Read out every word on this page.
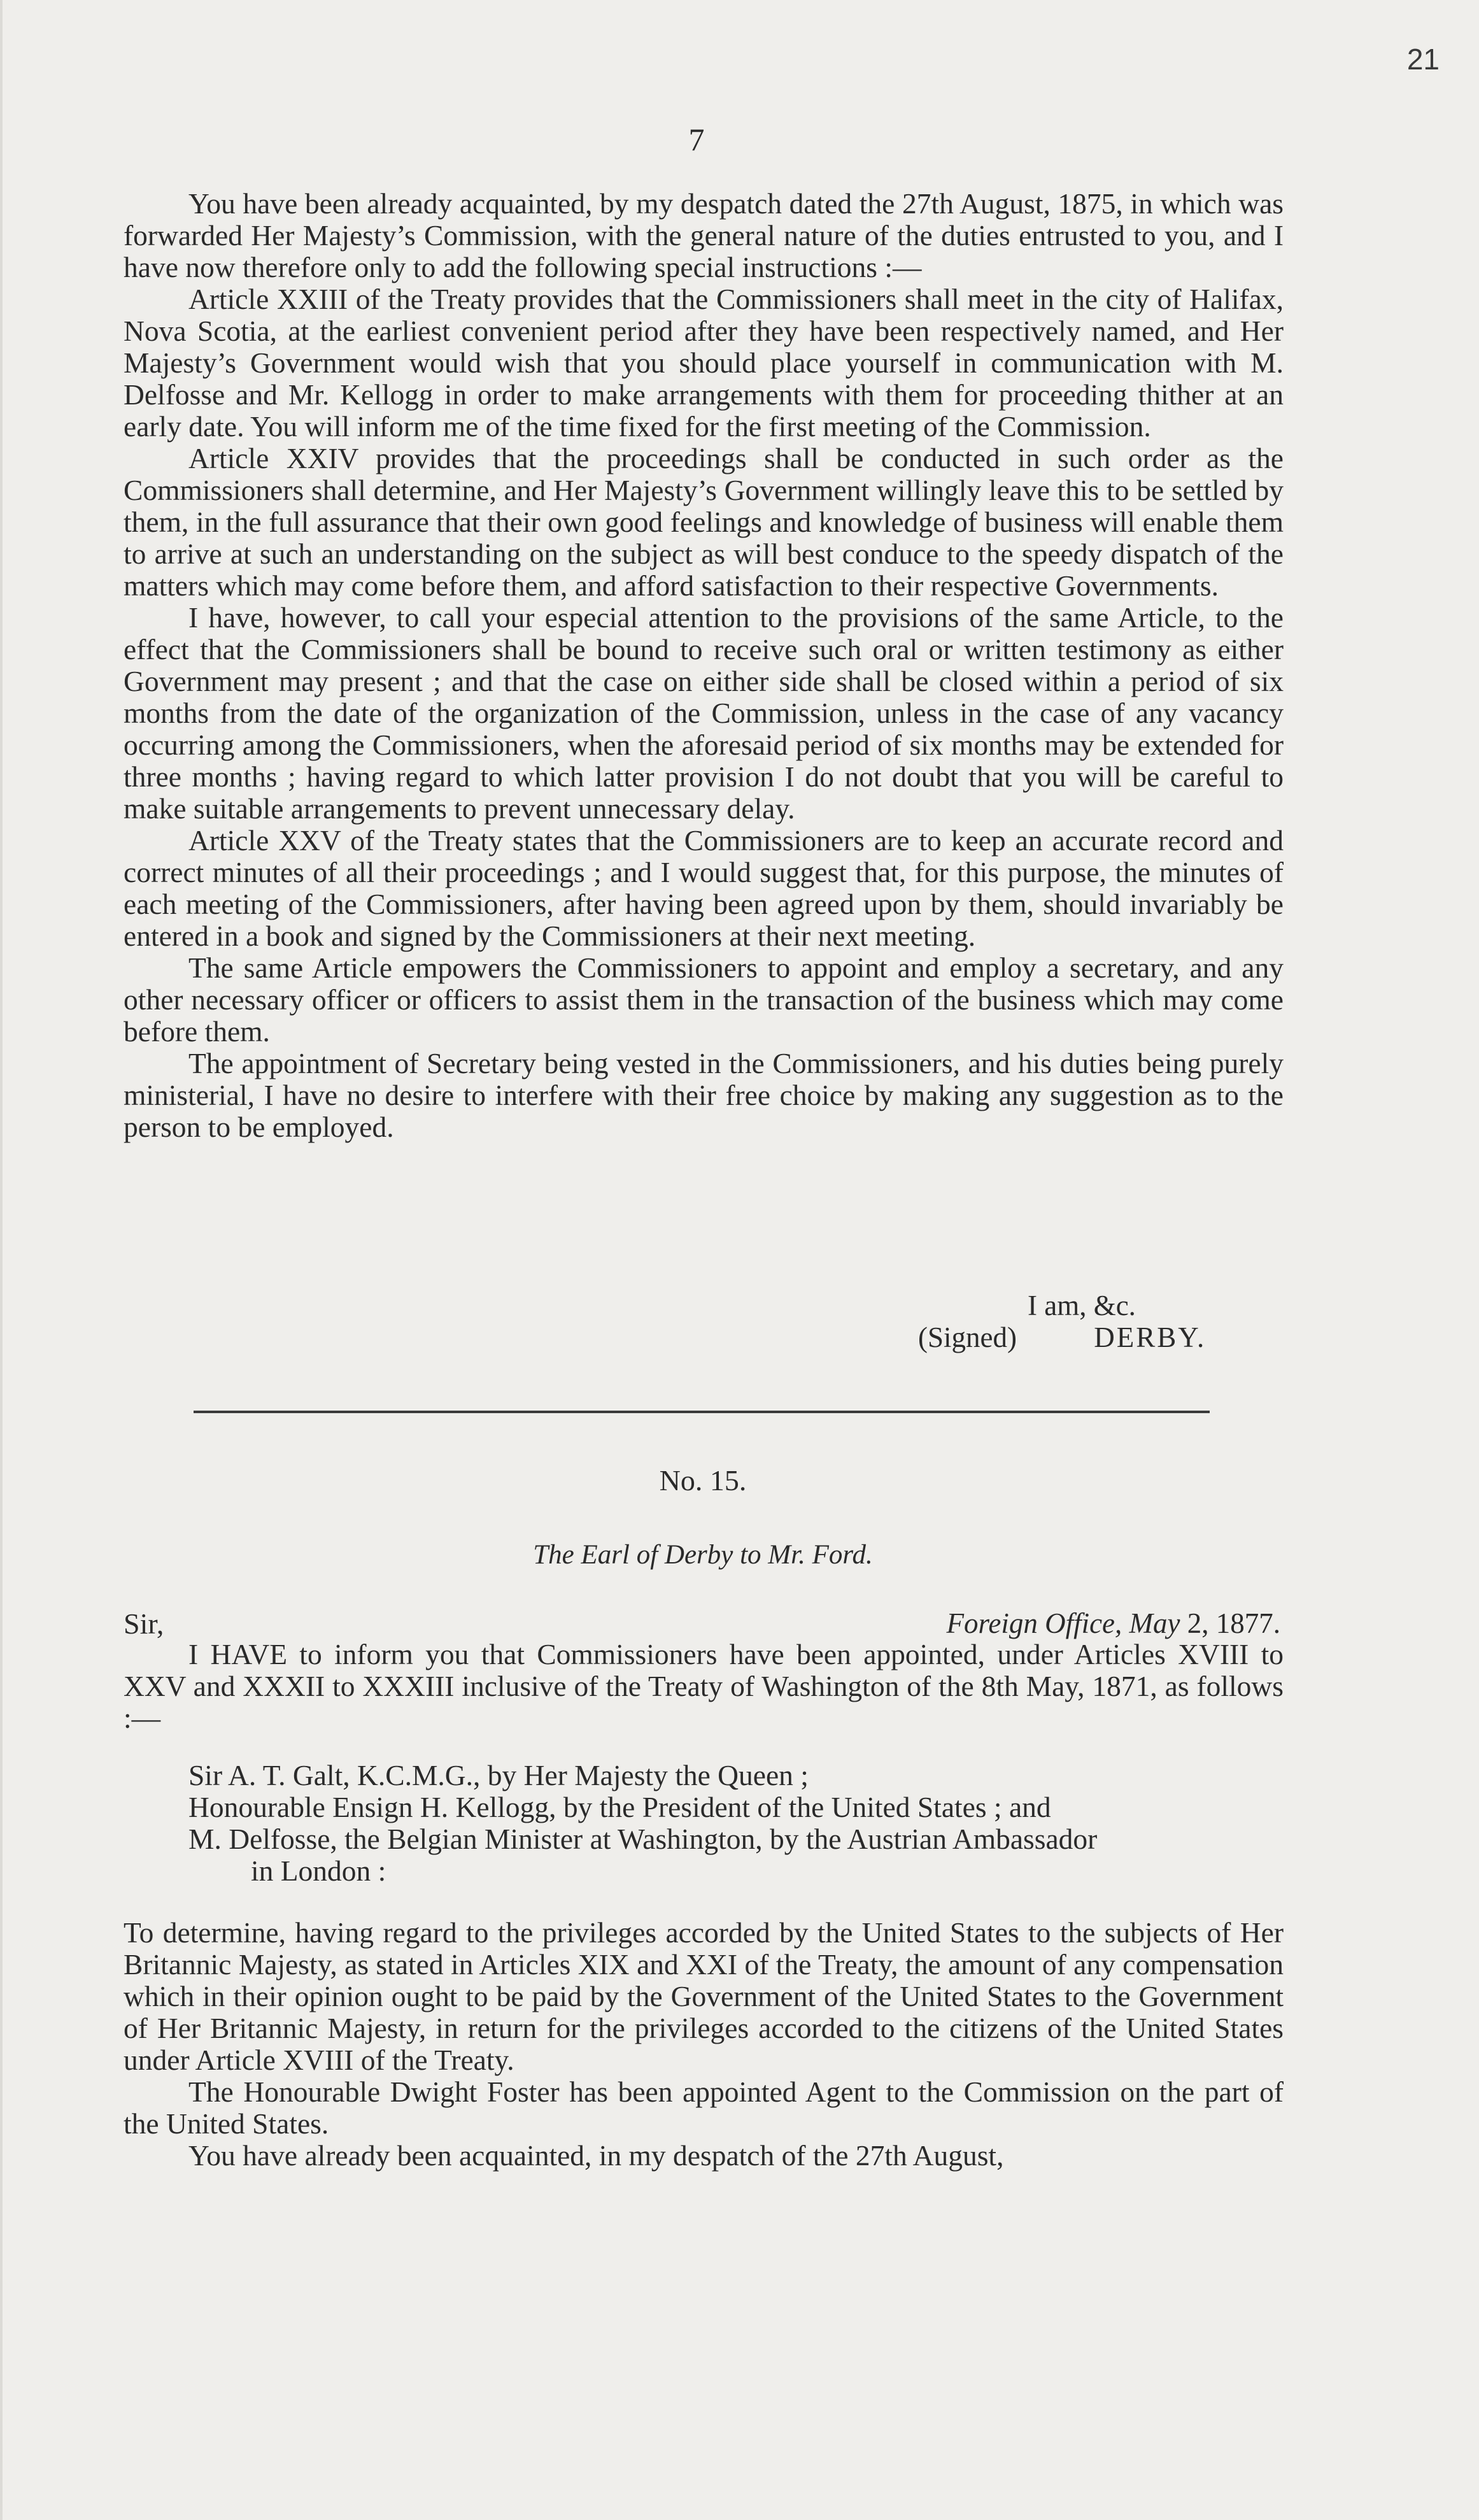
21
7

You have been already acquainted, by my despatch dated the 27th August, 1875, in which was forwarded Her Majesty’s Commission, with the general nature of the duties entrusted to you, and I have now therefore only to add the following special instructions :—

Article XXIII of the Treaty provides that the Commissioners shall meet in the city of Halifax, Nova Scotia, at the earliest convenient period after they have been respectively named, and Her Majesty’s Government would wish that you should place yourself in communication with M. Delfosse and Mr. Kellogg in order to make arrangements with them for proceeding thither at an early date. You will inform me of the time fixed for the first meeting of the Commission.

Article XXIV provides that the proceedings shall be conducted in such order as the Commissioners shall determine, and Her Majesty’s Government willingly leave this to be settled by them, in the full assurance that their own good feelings and knowledge of business will enable them to arrive at such an understanding on the subject as will best conduce to the speedy dispatch of the matters which may come before them, and afford satisfaction to their respective Governments.

I have, however, to call your especial attention to the provisions of the same Article, to the effect that the Commissioners shall be bound to receive such oral or written testimony as either Government may present ; and that the case on either side shall be closed within a period of six months from the date of the organization of the Commission, unless in the case of any vacancy occurring among the Commissioners, when the aforesaid period of six months may be extended for three months ; having regard to which latter provision I do not doubt that you will be careful to make suitable arrangements to prevent unnecessary delay.

Article XXV of the Treaty states that the Commissioners are to keep an accurate record and correct minutes of all their proceedings ; and I would suggest that, for this purpose, the minutes of each meeting of the Commissioners, after having been agreed upon by them, should invariably be entered in a book and signed by the Commissioners at their next meeting.

The same Article empowers the Commissioners to appoint and employ a secretary, and any other necessary officer or officers to assist them in the transaction of the business which may come before them.

The appointment of Secretary being vested in the Commissioners, and his duties being purely ministerial, I have no desire to interfere with their free choice by making any suggestion as to the person to be employed.

I am, &c.
(Signed)	DERBY.
No. 15.
The Earl of Derby to Mr. Ford.
Sir,	Foreign Office, May 2, 1877.

I HAVE to inform you that Commissioners have been appointed, under Articles XVIII to XXV and XXXII to XXXIII inclusive of the Treaty of Washington of the 8th May, 1871, as follows :—

Sir A. T. Galt, K.C.M.G., by Her Majesty the Queen ;

Honourable Ensign H. Kellogg, by the President of the United States ; and

M. Delfosse, the Belgian Minister at Washington, by the Austrian Ambassador

in London :

To determine, having regard to the privileges accorded by the United States to the subjects of Her Britannic Majesty, as stated in Articles XIX and XXI of the Treaty, the amount of any compensation which in their opinion ought to be paid by the Government of the United States to the Government of Her Britannic Majesty, in return for the privileges accorded to the citizens of the United States under Article XVIII of the Treaty.

The Honourable Dwight Foster has been appointed Agent to the Commission on the part of the United States.

You have already been acquainted, in my despatch of the 27th August,
